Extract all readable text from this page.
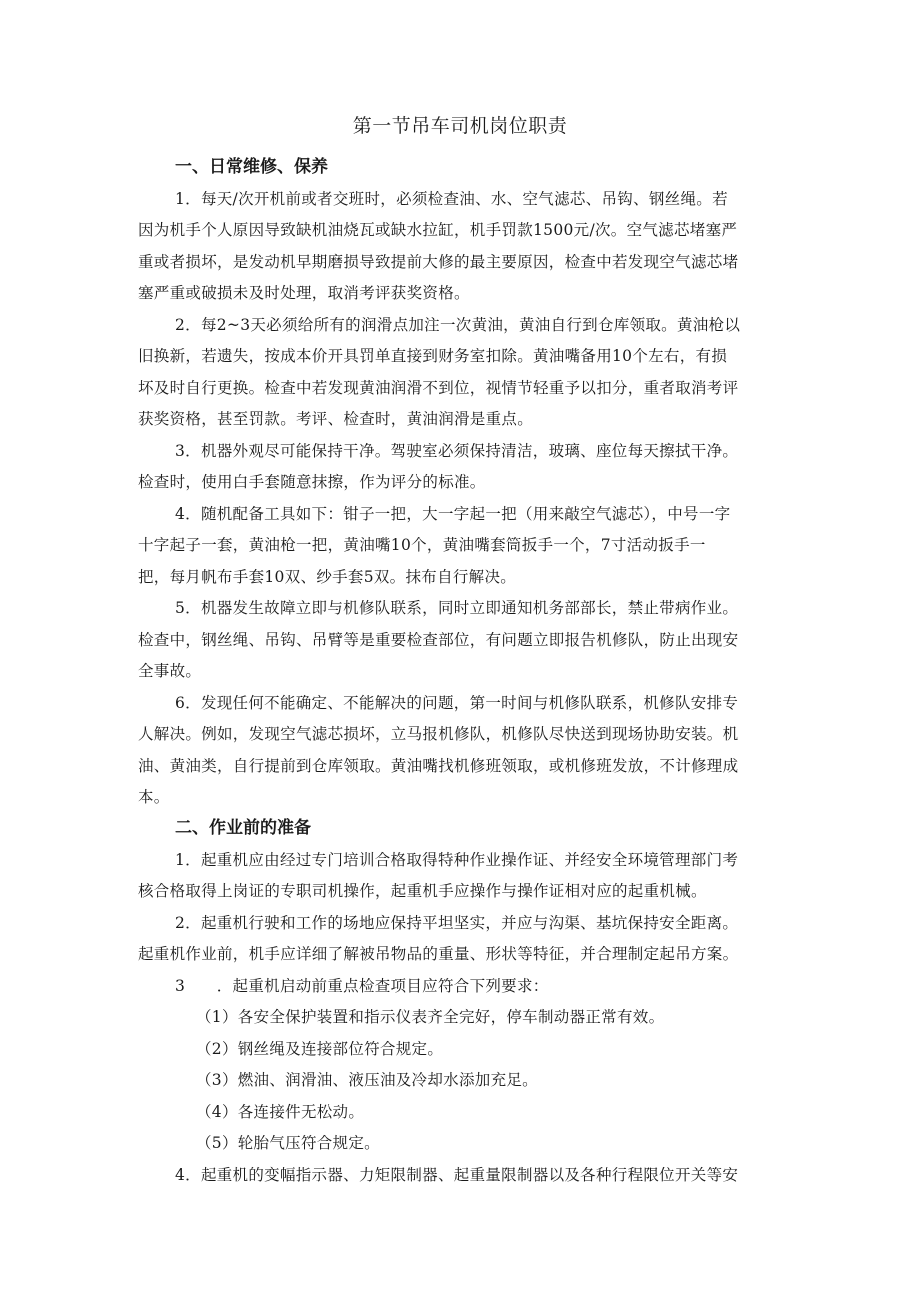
第一节吊车司机岗位职责
一、日常维修、保养
1．每天/次开机前或者交班时，必须检查油、水、空气滤芯、吊钩、钢丝绳。若
因为机手个人原因导致缺机油烧瓦或缺水拉缸，机手罚款1500元/次。空气滤芯堵塞严
重或者损坏，是发动机早期磨损导致提前大修的最主要原因，检查中若发现空气滤芯堵
塞严重或破损未及时处理，取消考评获奖资格。
2．每2~3天必须给所有的润滑点加注一次黄油，黄油自行到仓库领取。黄油枪以
旧换新，若遗失，按成本价开具罚单直接到财务室扣除。黄油嘴备用10个左右，有损
坏及时自行更换。检查中若发现黄油润滑不到位，视情节轻重予以扣分，重者取消考评
获奖资格，甚至罚款。考评、检查时，黄油润滑是重点。
3．机器外观尽可能保持干净。驾驶室必须保持清洁，玻璃、座位每天擦拭干净。
检查时，使用白手套随意抹擦，作为评分的标准。
4．随机配备工具如下：钳子一把，大一字起一把（用来敲空气滤芯），中号一字
十字起子一套，黄油枪一把，黄油嘴10个，黄油嘴套筒扳手一个，7寸活动扳手一
把，每月帆布手套10双、纱手套5双。抹布自行解决。
5．机器发生故障立即与机修队联系，同时立即通知机务部部长，禁止带病作业。
检查中，钢丝绳、吊钩、吊臂等是重要检查部位，有问题立即报告机修队，防止出现安
全事故。
6．发现任何不能确定、不能解决的问题，第一时间与机修队联系，机修队安排专
人解决。例如，发现空气滤芯损坏，立马报机修队，机修队尽快送到现场协助安装。机
油、黄油类，自行提前到仓库领取。黄油嘴找机修班领取，或机修班发放，不计修理成
本。
二、作业前的准备
1．起重机应由经过专门培训合格取得特种作业操作证、并经安全环境管理部门考
核合格取得上岗证的专职司机操作，起重机手应操作与操作证相对应的起重机械。
2．起重机行驶和工作的场地应保持平坦坚实，并应与沟渠、基坑保持安全距离。
起重机作业前，机手应详细了解被吊物品的重量、形状等特征，并合理制定起吊方案。
3　　．起重机启动前重点检查项目应符合下列要求：
（1）各安全保护装置和指示仪表齐全完好，停车制动器正常有效。
（2）钢丝绳及连接部位符合规定。
（3）燃油、润滑油、液压油及冷却水添加充足。
（4）各连接件无松动。
（5）轮胎气压符合规定。
4．起重机的变幅指示器、力矩限制器、起重量限制器以及各种行程限位开关等安
